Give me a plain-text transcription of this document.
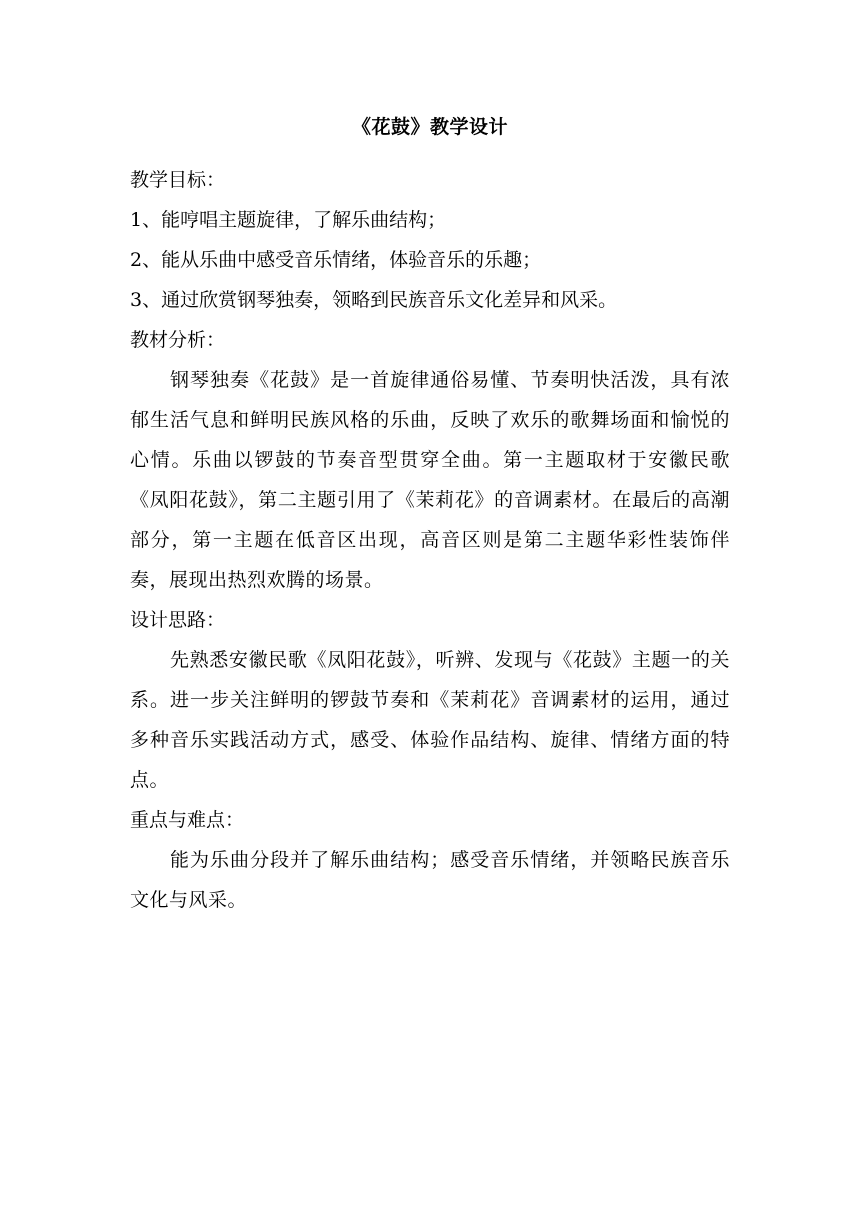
《花鼓》教学设计
教学目标：
1、能哼唱主题旋律，了解乐曲结构；
2、能从乐曲中感受音乐情绪，体验音乐的乐趣；
3、通过欣赏钢琴独奏，领略到民族音乐文化差异和风采。
教材分析：

钢琴独奏《花鼓》是一首旋律通俗易懂、节奏明快活泼，具有浓郁生活气息和鲜明民族风格的乐曲，反映了欢乐的歌舞场面和愉悦的心情。乐曲以锣鼓的节奏音型贯穿全曲。第一主题取材于安徽民歌《凤阳花鼓》，第二主题引用了《茉莉花》的音调素材。在最后的高潮部分，第一主题在低音区出现，高音区则是第二主题华彩性装饰伴奏，展现出热烈欢腾的场景。

设计思路：

先熟悉安徽民歌《凤阳花鼓》，听辨、发现与《花鼓》主题一的关系。进一步关注鲜明的锣鼓节奏和《茉莉花》音调素材的运用，通过多种音乐实践活动方式，感受、体验作品结构、旋律、情绪方面的特点。

重点与难点：

能为乐曲分段并了解乐曲结构；感受音乐情绪，并领略民族音乐文化与风采。
